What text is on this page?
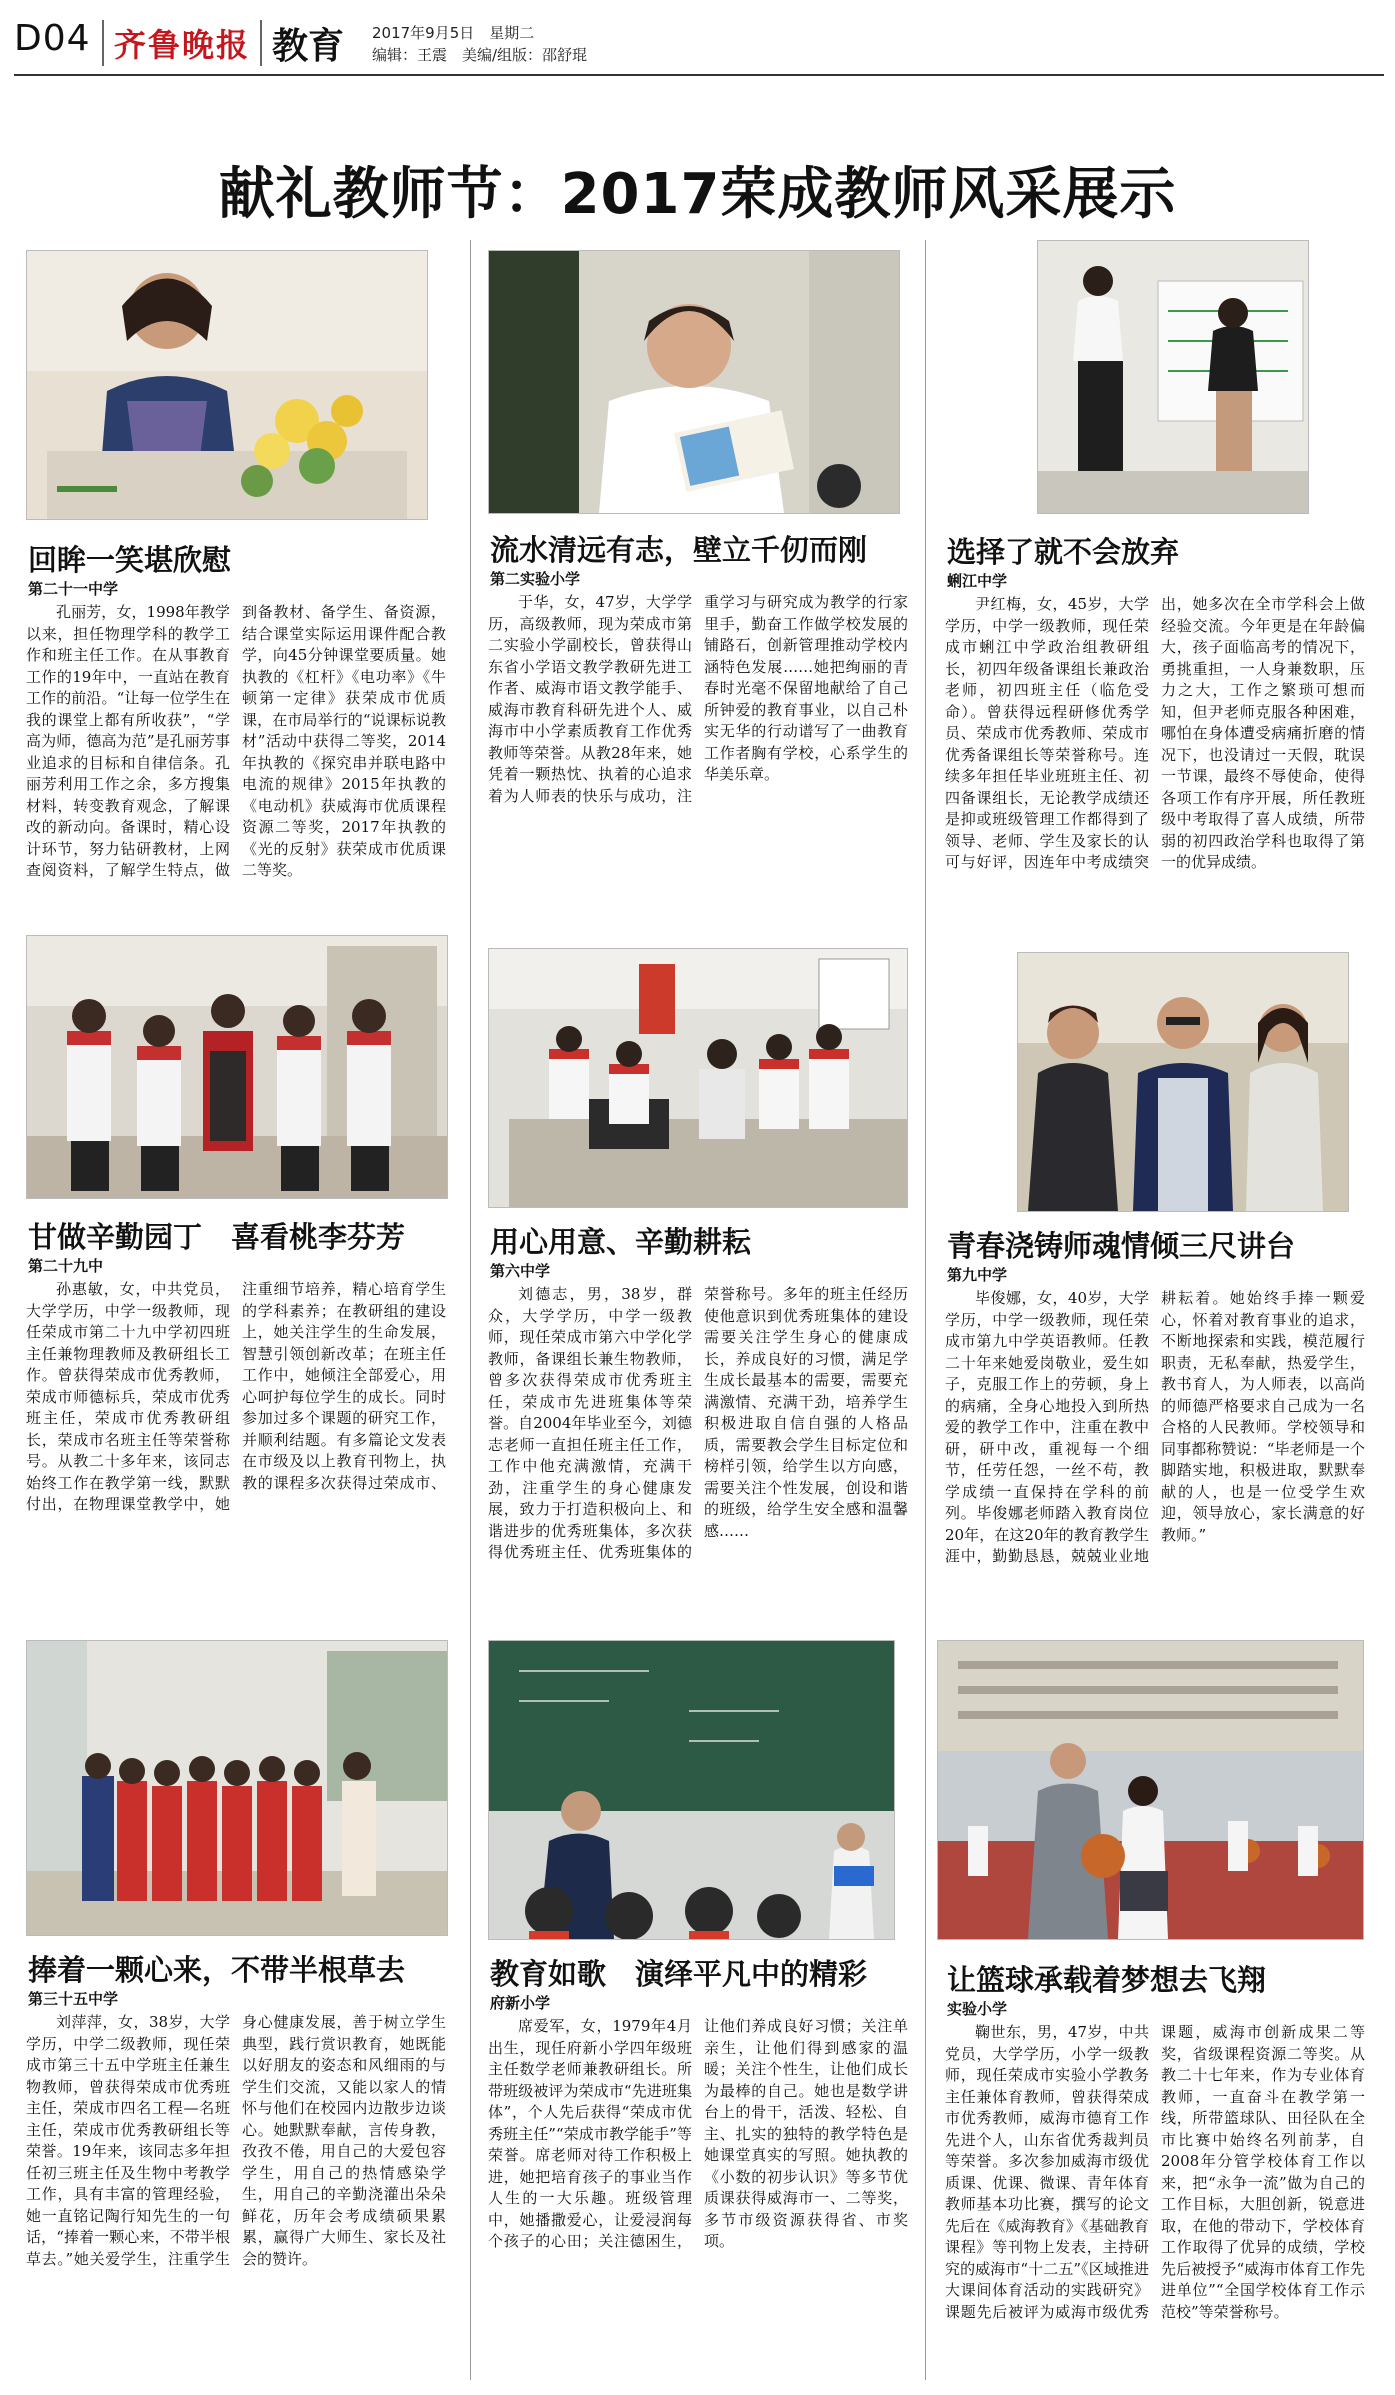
D04 齐鲁晚报 教育 2017年9月5日　星期二
编辑：王震　美编/组版：邵舒琨
献礼教师节：2017荣成教师风采展示
回眸一笑堪欣慰
第二十一中学

孔丽芳，女，1998年教学以来，担任物理学科的教学工作和班主任工作。在从事教育工作的19年中，一直站在教育工作的前沿。“让每一位学生在我的课堂上都有所收获”，“学高为师，德高为范”是孔丽芳事业追求的目标和自律信条。孔丽芳利用工作之余，多方搜集材料，转变教育观念，了解课改的新动向。备课时，精心设计环节，努力钻研教材，上网查阅资料，了解学生特点，做到备教材、备学生、备资源，结合课堂实际运用课件配合教学，向45分钟课堂要质量。她执教的《杠杆》《电功率》《牛顿第一定律》获荣成市优质课，在市局举行的“说课标说教材”活动中获得二等奖，2014年执教的《探究串并联电路中电流的规律》2015年执教的《电动机》获威海市优质课程资源二等奖，2017年执教的《光的反射》获荣成市优质课二等奖。

甘做辛勤园丁　喜看桃李芬芳
第二十九中

孙惠敏，女，中共党员，大学学历，中学一级教师，现任荣成市第二十九中学初四班主任兼物理教师及教研组长工作。曾获得荣成市优秀教师，荣成市师德标兵，荣成市优秀班主任，荣成市优秀教研组长，荣成市名班主任等荣誉称号。从教二十多年来，该同志始终工作在教学第一线，默默付出，在物理课堂教学中，她注重细节培养，精心培育学生的学科素养；在教研组的建设上，她关注学生的生命发展，智慧引领创新改革；在班主任工作中，她倾注全部爱心，用心呵护每位学生的成长。同时参加过多个课题的研究工作，并顺利结题。有多篇论文发表在市级及以上教育刊物上，执教的课程多次获得过荣成市、

捧着一颗心来，不带半根草去
第三十五中学

刘萍萍，女，38岁，大学学历，中学二级教师，现任荣成市第三十五中学班主任兼生物教师，曾获得荣成市优秀班主任，荣成市四名工程—名班主任，荣成市优秀教研组长等荣誉。19年来，该同志多年担任初三班主任及生物中考教学工作，具有丰富的管理经验，她一直铭记陶行知先生的一句话，“捧着一颗心来，不带半根草去。”她关爱学生，注重学生身心健康发展，善于树立学生典型，践行赏识教育，她既能以好朋友的姿态和风细雨的与学生们交流，又能以家人的情怀与他们在校园内边散步边谈心。她默默奉献，言传身教，孜孜不倦，用自己的大爱包容学生，用自己的热情感染学生，用自己的辛勤浇灌出朵朵鲜花，历年会考成绩硕果累累，赢得广大师生、家长及社会的赞许。

流水清远有志，壁立千仞而刚
第二实验小学

于华，女，47岁，大学学历，高级教师，现为荣成市第二实验小学副校长，曾获得山东省小学语文教学教研先进工作者、威海市语文教学能手、威海市教育科研先进个人、威海市中小学素质教育工作优秀教师等荣誉。从教28年来，她凭着一颗热忱、执着的心追求着为人师表的快乐与成功，注重学习与研究成为教学的行家里手，勤奋工作做学校发展的铺路石，创新管理推动学校内涵特色发展……她把绚丽的青春时光毫不保留地献给了自己所钟爱的教育事业，以自己朴实无华的行动谱写了一曲教育工作者胸有学校，心系学生的华美乐章。

用心用意、辛勤耕耘
第六中学

刘德志，男，38岁，群众，大学学历，中学一级教师，现任荣成市第六中学化学教师，备课组长兼生物教师，曾多次获得荣成市优秀班主任，荣成市先进班集体等荣誉。自2004年毕业至今，刘德志老师一直担任班主任工作，工作中他充满激情，充满干劲，注重学生的身心健康发展，致力于打造积极向上、和谐进步的优秀班集体，多次获得优秀班主任、优秀班集体的荣誉称号。多年的班主任经历使他意识到优秀班集体的建设需要关注学生身心的健康成长，养成良好的习惯，满足学生成长最基本的需要，需要充满激情、充满干劲，培养学生积极进取自信自强的人格品质，需要教会学生目标定位和榜样引领，给学生以方向感，需要关注个性发展，创设和谐的班级，给学生安全感和温馨感……

教育如歌　演绎平凡中的精彩
府新小学

席爱军，女，1979年4月出生，现任府新小学四年级班主任数学老师兼教研组长。所带班级被评为荣成市“先进班集体”，个人先后获得“荣成市优秀班主任”“荣成市教学能手”等荣誉。席老师对待工作积极上进，她把培育孩子的事业当作人生的一大乐趣。班级管理中，她播撒爱心，让爱浸润每个孩子的心田；关注德困生，让他们养成良好习惯；关注单亲生，让他们得到感家的温暖；关注个性生，让他们成长为最棒的自己。她也是数学讲台上的骨干，活泼、轻松、自主、扎实的独特的教学特色是她课堂真实的写照。她执教的《小数的初步认识》等多节优质课获得威海市一、二等奖，多节市级资源获得省、市奖项。

选择了就不会放弃
蜊江中学

尹红梅，女，45岁，大学学历，中学一级教师，现任荣成市蜊江中学政治组教研组长，初四年级备课组长兼政治老师，初四班主任（临危受命）。曾获得远程研修优秀学员、荣成市优秀教师、荣成市优秀备课组长等荣誉称号。连续多年担任毕业班班主任、初四备课组长，无论教学成绩还是抑或班级管理工作都得到了领导、老师、学生及家长的认可与好评，因连年中考成绩突出，她多次在全市学科会上做经验交流。今年更是在年龄偏大，孩子面临高考的情况下，勇挑重担，一人身兼数职，压力之大，工作之繁琐可想而知，但尹老师克服各种困难，哪怕在身体遭受病痛折磨的情况下，也没请过一天假，耽误一节课，最终不辱使命，使得各项工作有序开展，所任教班级中考取得了喜人成绩，所带弱的初四政治学科也取得了第一的优异成绩。

青春浇铸师魂情倾三尺讲台
第九中学

毕俊娜，女，40岁，大学学历，中学一级教师，现任荣成市第九中学英语教师。任教二十年来她爱岗敬业，爱生如子，克服工作上的劳顿，身上的病痛，全身心地投入到所热爱的教学工作中，注重在教中研，研中改，重视每一个细节，任劳任怨，一丝不苟，教学成绩一直保持在学科的前列。毕俊娜老师踏入教育岗位20年，在这20年的教育教学生涯中，勤勤恳恳，兢兢业业地耕耘着。她始终手捧一颗爱心，怀着对教育事业的追求，不断地探索和实践，模范履行职责，无私奉献，热爱学生，教书育人，为人师表，以高尚的师德严格要求自己成为一名合格的人民教师。学校领导和同事都称赞说：“毕老师是一个脚踏实地，积极进取，默默奉献的人，也是一位受学生欢迎，领导放心，家长满意的好教师。”

让篮球承载着梦想去飞翔
实验小学

鞠世东，男，47岁，中共党员，大学学历，小学一级教师，现任荣成市实验小学教务主任兼体育教师，曾获得荣成市优秀教师，威海市德育工作先进个人，山东省优秀裁判员等荣誉。多次参加威海市级优质课、优课、微课、青年体育教师基本功比赛，撰写的论文先后在《威海教育》《基础教育课程》等刊物上发表，主持研究的威海市“十二五”《区域推进大课间体育活动的实践研究》课题先后被评为威海市级优秀课题，威海市创新成果二等奖，省级课程资源二等奖。从教二十七年来，作为专业体育教师，一直奋斗在教学第一线，所带篮球队、田径队在全市比赛中始终名列前茅，自2008年分管学校体育工作以来，把“永争一流”做为自己的工作目标，大胆创新，锐意进取，在他的带动下，学校体育工作取得了优异的成绩，学校先后被授予“威海市体育工作先进单位”“全国学校体育工作示范校”等荣誉称号。
